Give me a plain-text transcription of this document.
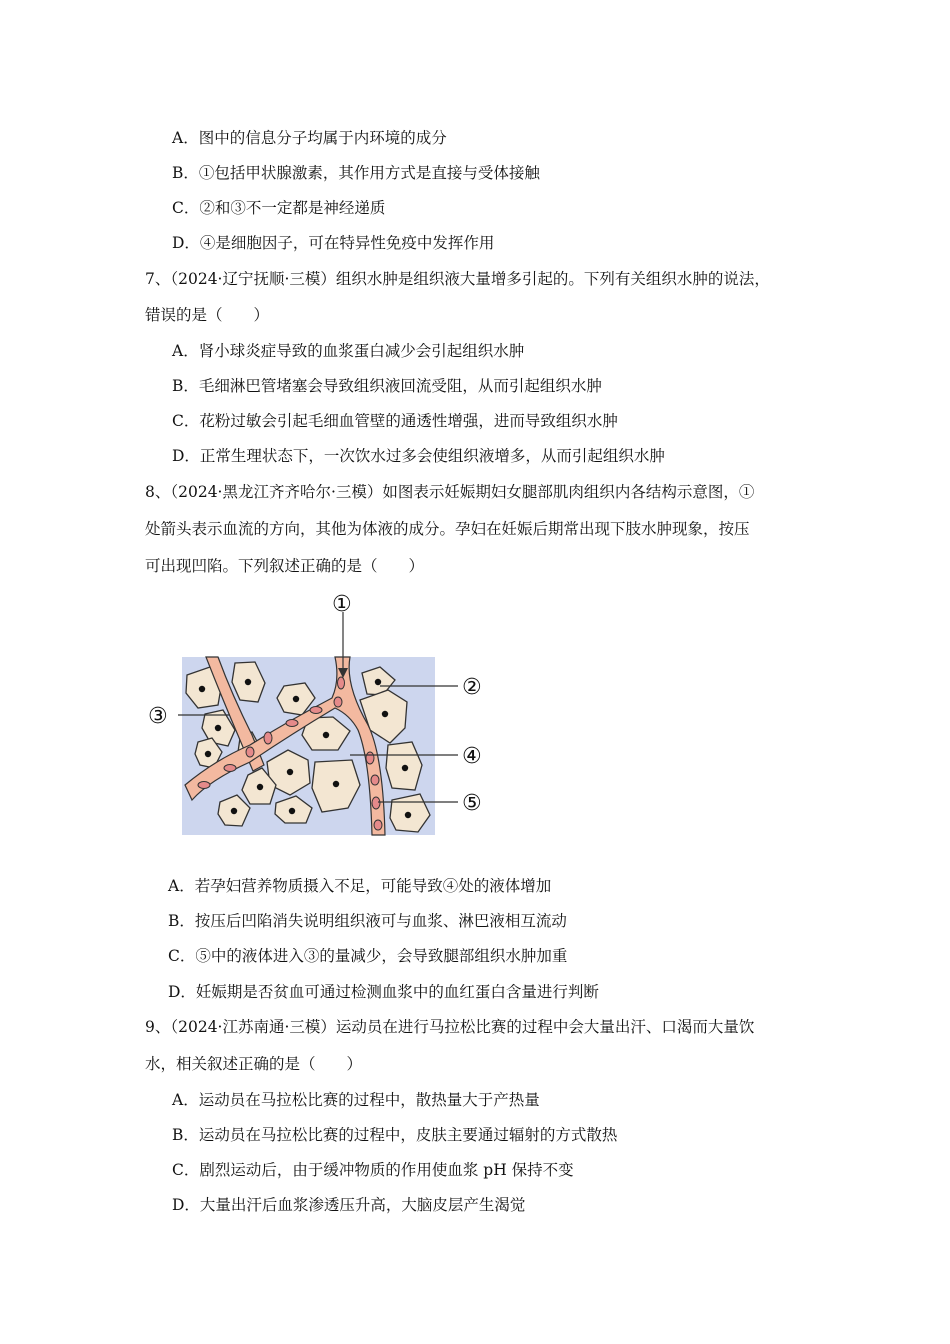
A．图中的信息分子均属于内环境的成分
B．①包括甲状腺激素，其作用方式是直接与受体接触
C．②和③不一定都是神经递质
D．④是细胞因子，可在特异性免疫中发挥作用
7、（2024·辽宁抚顺·三模）组织水肿是组织液大量增多引起的。下列有关组织水肿的说法，
错误的是（　　）
A．肾小球炎症导致的血浆蛋白减少会引起组织水肿
B．毛细淋巴管堵塞会导致组织液回流受阻，从而引起组织水肿
C．花粉过敏会引起毛细血管壁的通透性增强，进而导致组织水肿
D．正常生理状态下，一次饮水过多会使组织液增多，从而引起组织水肿
8、（2024·黑龙江齐齐哈尔·三模）如图表示妊娠期妇女腿部肌肉组织内各结构示意图，①
处箭头表示血流的方向，其他为体液的成分。孕妇在妊娠后期常出现下肢水肿现象，按压
可出现凹陷。下列叙述正确的是（　　）
①
②
③
④
⑤
A．若孕妇营养物质摄入不足，可能导致④处的液体增加
B．按压后凹陷消失说明组织液可与血浆、淋巴液相互流动
C．⑤中的液体进入③的量减少，会导致腿部组织水肿加重
D．妊娠期是否贫血可通过检测血浆中的血红蛋白含量进行判断
9、（2024·江苏南通·三模）运动员在进行马拉松比赛的过程中会大量出汗、口渴而大量饮
水，相关叙述正确的是（　　）
A．运动员在马拉松比赛的过程中，散热量大于产热量
B．运动员在马拉松比赛的过程中，皮肤主要通过辐射的方式散热
C．剧烈运动后，由于缓冲物质的作用使血浆 pH 保持不变
D．大量出汗后血浆渗透压升高，大脑皮层产生渴觉
